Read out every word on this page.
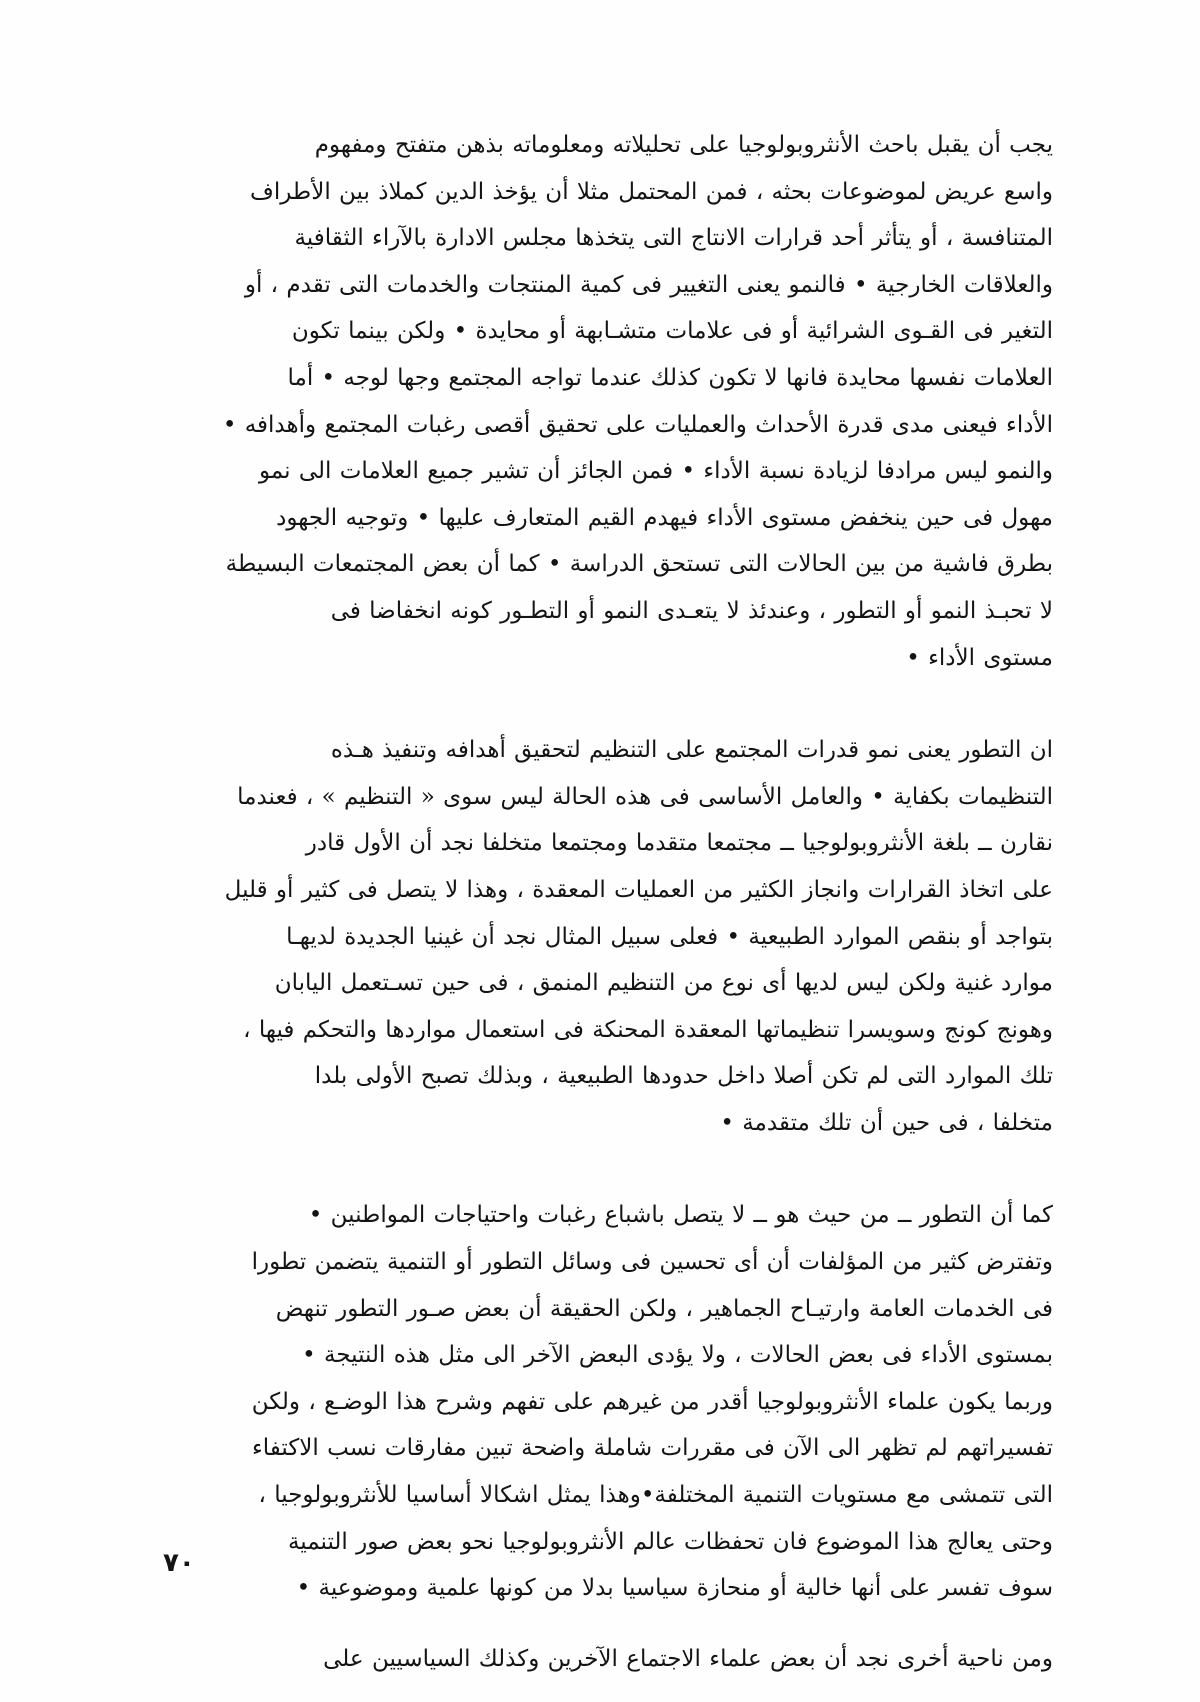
يجب أن يقبل باحث الأنثروبولوجيا على تحليلاته ومعلوماته بذهن متفتح ومفهوم
واسع عريض لموضوعات بحثه ، فمن المحتمل مثلا أن يؤخذ الدين كملاذ بين الأطراف
المتنافسة ، أو يتأثر أحد قرارات الانتاج التى يتخذها مجلس الادارة بالآراء الثقافية
والعلاقات الخارجية • فالنمو يعنى التغيير فى كمية المنتجات والخدمات التى تقدم ، أو
التغير فى القـوى الشرائية أو فى علامات متشـابهة أو محايدة • ولكن بينما تكون
العلامات نفسها محايدة فانها لا تكون كذلك عندما تواجه المجتمع وجها لوجه • أما
الأداء فيعنى مدى قدرة الأحداث والعمليات على تحقيق أقصى رغبات المجتمع وأهدافه •
والنمو ليس مرادفا لزيادة نسبة الأداء • فمن الجائز أن تشير جميع العلامات الى نمو
مهول فى حين ينخفض مستوى الأداء فيهدم القيم المتعارف عليها • وتوجيه الجهود
بطرق فاشية من بين الحالات التى تستحق الدراسة • كما أن بعض المجتمعات البسيطة
لا تحبـذ النمو أو التطور ، وعندئذ لا يتعـدى النمو أو التطـور كونه انخفاضا فى
مستوى الأداء •

ان التطور يعنى نمو قدرات المجتمع على التنظيم لتحقيق أهدافه وتنفيذ هـذه
التنظيمات بكفاية • والعامل الأساسى فى هذه الحالة ليس سوى « التنظيم » ، فعندما
نقارن ــ بلغة الأنثروبولوجيا ــ مجتمعا متقدما ومجتمعا متخلفا نجد أن الأول قادر
على اتخاذ القرارات وانجاز الكثير من العمليات المعقدة ، وهذا لا يتصل فى كثير أو قليل
بتواجد أو بنقص الموارد الطبيعية • فعلى سبيل المثال نجد أن غينيا الجديدة لديهـا
موارد غنية ولكن ليس لديها أى نوع من التنظيم المنمق ، فى حين تسـتعمل اليابان
وهونج كونج وسويسرا تنظيماتها المعقدة المحنكة فى استعمال مواردها والتحكم فيها ،
تلك الموارد التى لم تكن أصلا داخل حدودها الطبيعية ، وبذلك تصبح الأولى بلدا
متخلفا ، فى حين أن تلك متقدمة •

كما أن التطور ــ من حيث هو ــ لا يتصل باشباع رغبات واحتياجات المواطنين •
وتفترض كثير من المؤلفات أن أى تحسين فى وسائل التطور أو التنمية يتضمن تطورا
فى الخدمات العامة وارتيـاح الجماهير ، ولكن الحقيقة أن بعض صـور التطور تنهض
بمستوى الأداء فى بعض الحالات ، ولا يؤدى البعض الآخر الى مثل هذه النتيجة •
وربما يكون علماء الأنثروبولوجيا أقدر من غيرهم على تفهم وشرح هذا الوضـع ، ولكن
تفسيراتهم لم تظهر الى الآن فى مقررات شاملة واضحة تبين مفارقات نسب الاكتفاء
التى تتمشى مع مستويات التنمية المختلفة•وهذا يمثل اشكالا أساسيا للأنثروبولوجيا ،
وحتى يعالج هذا الموضوع فان تحفظات عالم الأنثروبولوجيا نحو بعض صور التنمية
سوف تفسر على أنها خالية أو منحازة سياسيا بدلا من كونها علمية وموضوعية •

ومن ناحية أخرى نجد أن بعض علماء الاجتماع الآخرين وكذلك السياسيين على

٧٠
